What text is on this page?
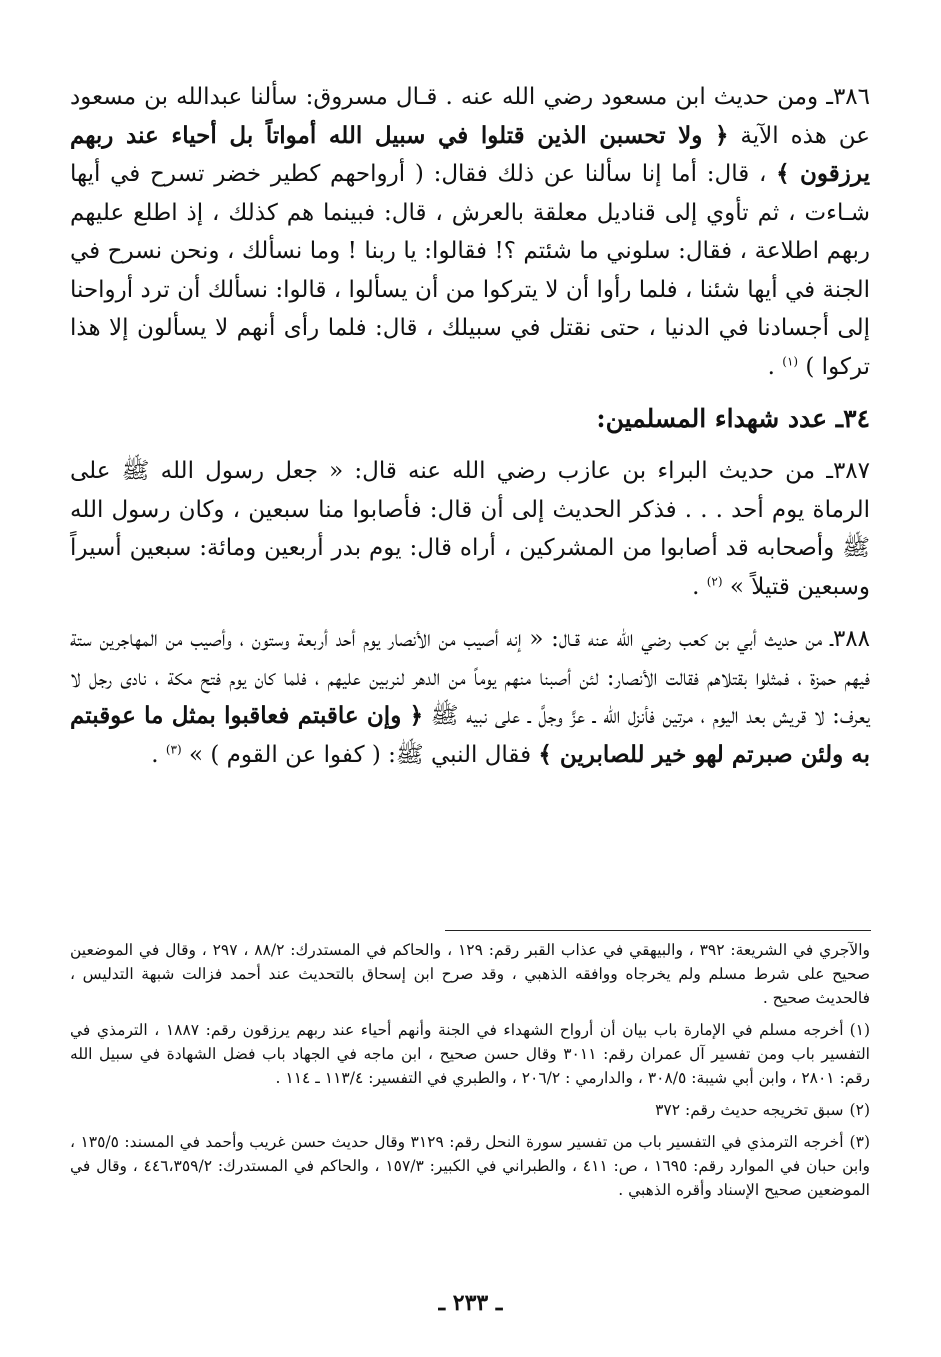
٣٨٦ـ ومن حديث ابن مسعود رضي الله عنه . قـال مسروق: سألنا عبدالله بن مسعود عن هذه الآية ﴿ ولا تحسبن الذين قتلوا في سبيل الله أمواتاً بل أحياء عند ربهم يرزقون ﴾ ، قال: أما إنا سألنا عن ذلك فقال: ( أرواحهم كطير خضر تسرح في أيها شـاءت ، ثم تأوي إلى قناديل معلقة بالعرش ، قال: فبينما هم كذلك ، إذ اطلع عليهم ربهم اطلاعة ، فقال: سلوني ما شئتم ؟! فقالوا: يا ربنا ! وما نسألك ، ونحن نسرح في الجنة في أيها شئنا ، فلما رأوا أن لا يتركوا من أن يسألوا ، قالوا: نسألك أن ترد أرواحنا إلى أجسادنا في الدنيا ، حتى نقتل في سبيلك ، قال: فلما رأى أنهم لا يسألون إلا هذا تركوا ) $^{(١)}$ .

٣٤ـ عدد شهداء المسلمين:

٣٨٧ـ من حديث البراء بن عازب رضي الله عنه قال: « جعل رسول الله ﷺ على الرماة يوم أحد . . . فذكر الحديث إلى أن قال: فأصابوا منا سبعين ، وكان رسول الله ﷺ وأصحابه قد أصابوا من المشركين ، أراه قال: يوم بدر أربعين ومائة: سبعين أسيراً وسبعين قتيلاً » $^{(٢)}$ .

٣٨٨ـ من حديث أبي بن كعب رضي الله عنه قـال: « إنه أصيب من الأنصار يوم أحد أربعة وستون ، وأصيب من المهاجرين ستة فيهم حمزة ، فمثلوا بقتلاهم فقالت الأنصار: لئن أصبنا منهم يوماً من الدهر لنربين عليهم ، فلما كان يوم فتح مكة ، نادى رجل لا يعرف: لا قريش بعد اليوم ، مرتين فأنزل الله ـ عزَّ وجلَّ ـ على نبيه ﷺ ﴿ وإن عاقبتم فعاقبوا بمثل ما عوقبتم به ولئن صبرتم لهو خير للصابرين ﴾ فقال النبي ﷺ: ( كفوا عن القوم ) » $^{(٣)}$ .

والآجري في الشريعة: ٣٩٢ ، والبيهقي في عذاب القبر رقم: ١٢٩ ، والحاكم في المستدرك: ٨٨/٢ ، ٢٩٧ ، وقال في الموضعين صحيح على شرط مسلم ولم يخرجاه ووافقه الذهبي ، وقد صرح ابن إسحاق بالتحديث عند أحمد فزالت شبهة التدليس ، فالحديث صحيح .

(١)أخرجه مسلم في الإمارة باب بيان أن أرواح الشهداء في الجنة وأنهم أحياء عند ربهم يرزقون رقم: ١٨٨٧ ، الترمذي في التفسير باب ومن تفسير آل عمران رقم: ٣٠١١ وقال حسن صحيح ، ابن ماجه في الجهاد باب فضل الشهادة في سبيل الله رقم: ٢٨٠١ ، وابن أبي شيبة: ٣٠٨/٥ ، والدارمي : ٢٠٦/٢ ، والطبري في التفسير: ١١٣/٤ ـ ١١٤ .

(٢)سبق تخريجه حديث رقم: ٣٧٢

(٣)أخرجه الترمذي في التفسير باب من تفسير سورة النحل رقم: ٣١٢٩ وقال حديث حسن غريب وأحمد في المسند: ١٣٥/٥ ، وابن حبان في الموارد رقم: ١٦٩٥ ، ص: ٤١١ ، والطبراني في الكبير: ١٥٧/٣ ، والحاكم في المستدرك: ٤٤٦،٣٥٩/٢ ، وقال في الموضعين صحيح الإسناد وأقره الذهبي .

ـ ٢٣٣ ـ
